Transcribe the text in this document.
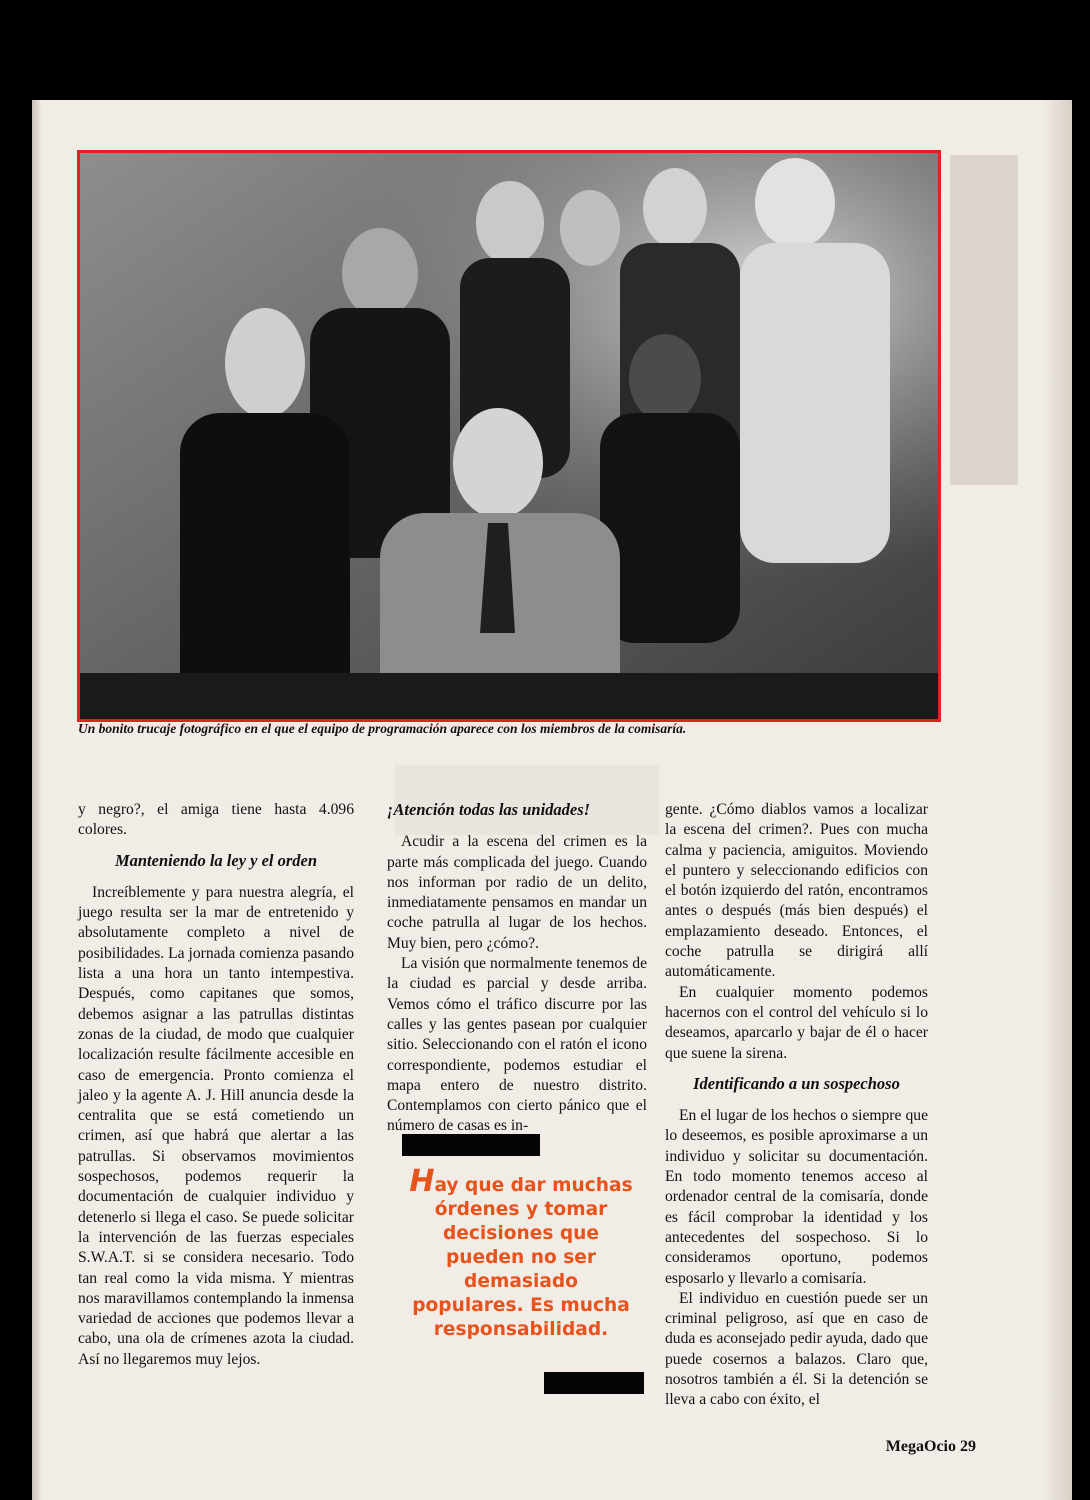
Un bonito trucaje fotográfico en el que el equipo de programación aparece con los miembros de la comisaría.

y negro?, el amiga tiene hasta 4.096 colores.

Manteniendo la ley y el orden

Increíblemente y para nuestra alegría, el juego resulta ser la mar de entretenido y absolutamente completo a nivel de posibilidades. La jornada comienza pasando lista a una hora un tanto intempestiva. Después, como capitanes que somos, debemos asignar a las patrullas distintas zonas de la ciudad, de modo que cualquier localización resulte fácilmente accesible en caso de emergencia. Pronto comienza el jaleo y la agente A. J. Hill anuncia desde la centralita que se está cometiendo un crimen, así que habrá que alertar a las patrullas. Si observamos movimientos sospechosos, podemos requerir la documentación de cualquier individuo y detenerlo si llega el caso. Se puede solicitar la intervención de las fuerzas especiales S.W.A.T. si se considera necesario. Todo tan real como la vida misma. Y mientras nos maravillamos contemplando la inmensa variedad de acciones que podemos llevar a cabo, una ola de crímenes azota la ciudad. Así no llegaremos muy lejos.

¡Atención todas las unidades!

Acudir a la escena del crimen es la parte más complicada del juego. Cuando nos informan por radio de un delito, inmediatamente pensamos en mandar un coche patrulla al lugar de los hechos. Muy bien, pero ¿cómo?.

La visión que normalmente tenemos de la ciudad es parcial y desde arriba. Vemos cómo el tráfico discurre por las calles y las gentes pasean por cualquier sitio. Seleccionando con el ratón el icono correspondiente, podemos estudiar el mapa entero de nuestro distrito. Contemplamos con cierto pánico que el número de casas es in-

Hay que dar muchas órdenes y tomar decisiones que pueden no ser demasiado populares. Es mucha responsabilidad.

gente. ¿Cómo diablos vamos a localizar la escena del crimen?. Pues con mucha calma y paciencia, amiguitos. Moviendo el puntero y seleccionando edificios con el botón izquierdo del ratón, encontramos antes o después (más bien después) el emplazamiento deseado. Entonces, el coche patrulla se dirigirá allí automáticamente.

En cualquier momento podemos hacernos con el control del vehículo si lo deseamos, aparcarlo y bajar de él o hacer que suene la sirena.

Identificando a un sospechoso

En el lugar de los hechos o siempre que lo deseemos, es posible aproximarse a un individuo y solicitar su documentación. En todo momento tenemos acceso al ordenador central de la comisaría, donde es fácil comprobar la identidad y los antecedentes del sospechoso. Si lo consideramos oportuno, podemos esposarlo y llevarlo a comisaría.

El individuo en cuestión puede ser un criminal peligroso, así que en caso de duda es aconsejado pedir ayuda, dado que puede cosernos a balazos. Claro que, nosotros también a él. Si la detención se lleva a cabo con éxito, el

MegaOcio 29
